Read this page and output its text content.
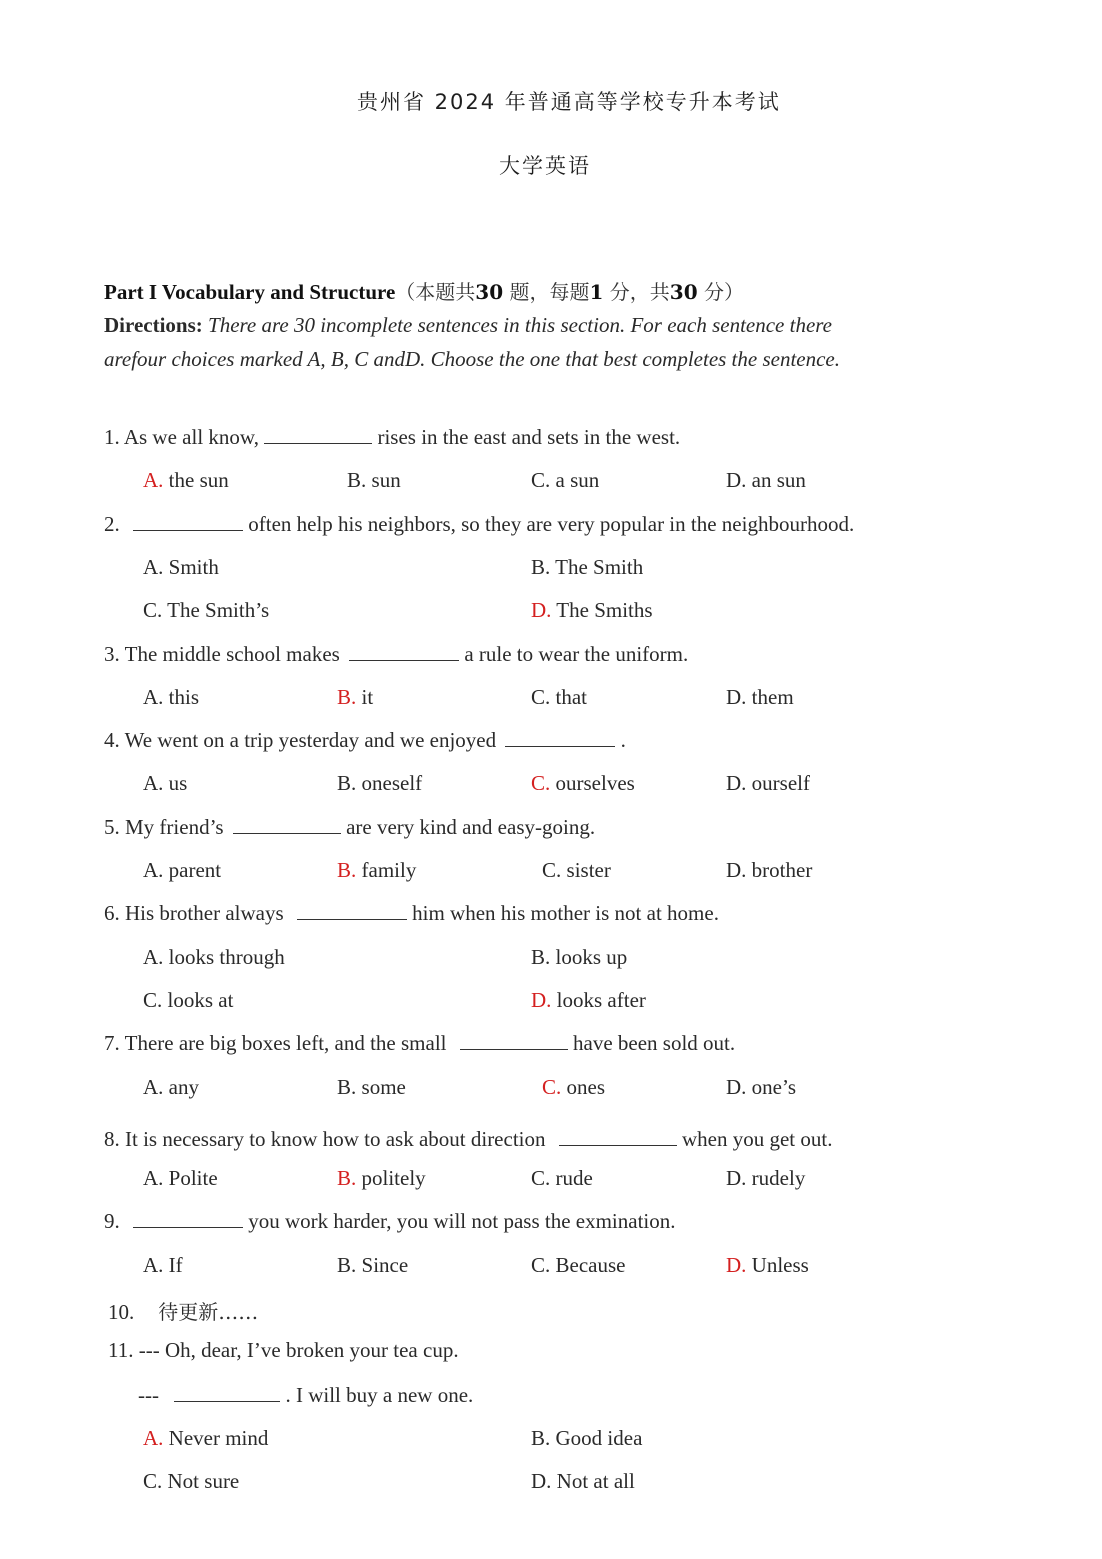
贵州省 2024 年普通高等学校专升本考试
大学英语
Part I Vocabulary and Structure（本题共30 题，每题1 分，共30 分）
Directions: There are 30 incomplete sentences in this section. For each sentence there
arefour choices marked A, B, C andD. Choose the one that best completes the sentence.
1. As we all know,	rises in the east and sets in the west.
A. the sun	B. sun	C. a sun	D. an sun
2.	often help his neighbors, so they are very popular in the neighbourhood.
A. Smith	B. The Smith
C. The Smith’s	D. The Smiths
3. The middle school makes	a rule to wear the uniform.
A. this	B. it	C. that	D. them
4. We went on a trip yesterday and we enjoyed	.
A. us	B. oneself	C. ourselves	D. ourself
5. My friend’s	are very kind and easy-going.
A. parent	B. family	C. sister	D. brother
6. His brother always	him when his mother is not at home.
A. looks through	B. looks up
C. looks at	D. looks after
7. There are big boxes left, and the small	have been sold out.
A. any	B. some	C. ones	D. one’s
8. It is necessary to know how to ask about direction	when you get out.
A. Polite	B. politely	C. rude	D. rudely
9.	you work harder, you will not pass the exmination.
A. If	B. Since	C. Because	D. Unless
10. 待更新……
11. --- Oh, dear, I’ve broken your tea cup.
---	. I will buy a new one.
A. Never mind	B. Good idea
C. Not sure	D. Not at all
